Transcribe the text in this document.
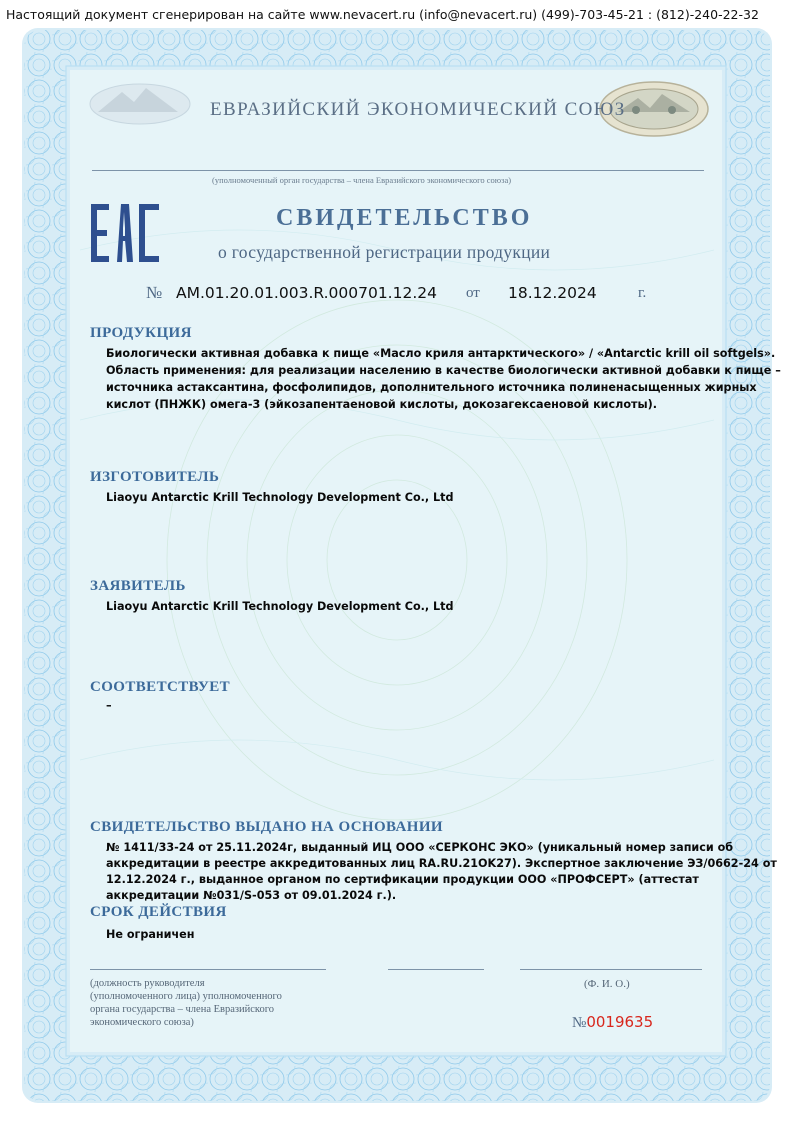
ЕВРАЗИЙСКИЙ ЭКОНОМИЧЕСКИЙ СОЮЗ
(уполномоченный орган государства – члена Евразийского экономического союза)
СВИДЕТЕЛЬСТВО
о государственной регистрации продукции
№ AM.01.20.01.003.R.000701.12.24 от 18.12.2024	г.
ПРОДУКЦИЯ
Биологически активная добавка к пище «Масло криля антарктического» / «Antarctic krill oil softgels».
Область применения: для реализации населению в качестве биологически активной добавки к пище –
источника астаксантина, фосфолипидов, дополнительного источника полиненасыщенных жирных
кислот (ПНЖК) омега-3 (эйкозапентаеновой кислоты, докозагексаеновой кислоты).
ИЗГОТОВИТЕЛЬ
Liaoyu Antarctic Krill Technology Development Co., Ltd
ЗАЯВИТЕЛЬ
Liaoyu Antarctic Krill Technology Development Co., Ltd
СООТВЕТСТВУЕТ
–
СВИДЕТЕЛЬСТВО ВЫДАНО НА ОСНОВАНИИ
№ 1411/33-24 от 25.11.2024г, выданный ИЦ ООО «СЕРКОНС ЭКО» (уникальный номер записи об
аккредитации в реестре аккредитованных лиц RA.RU.21OK27). Экспертное заключение ЭЗ/0662-24 от
12.12.2024 г., выданное органом по сертификации продукции ООО «ПРОФСЕРТ» (аттестат
аккредитации №031/S-053 от 09.01.2024 г.).
СРОК ДЕЙСТВИЯ
Не ограничен
(должность руководителя
(уполномоченного лица) уполномоченного
органа государства – члена Евразийского
экономического союза)
(Ф. И. О.)
№0019635
